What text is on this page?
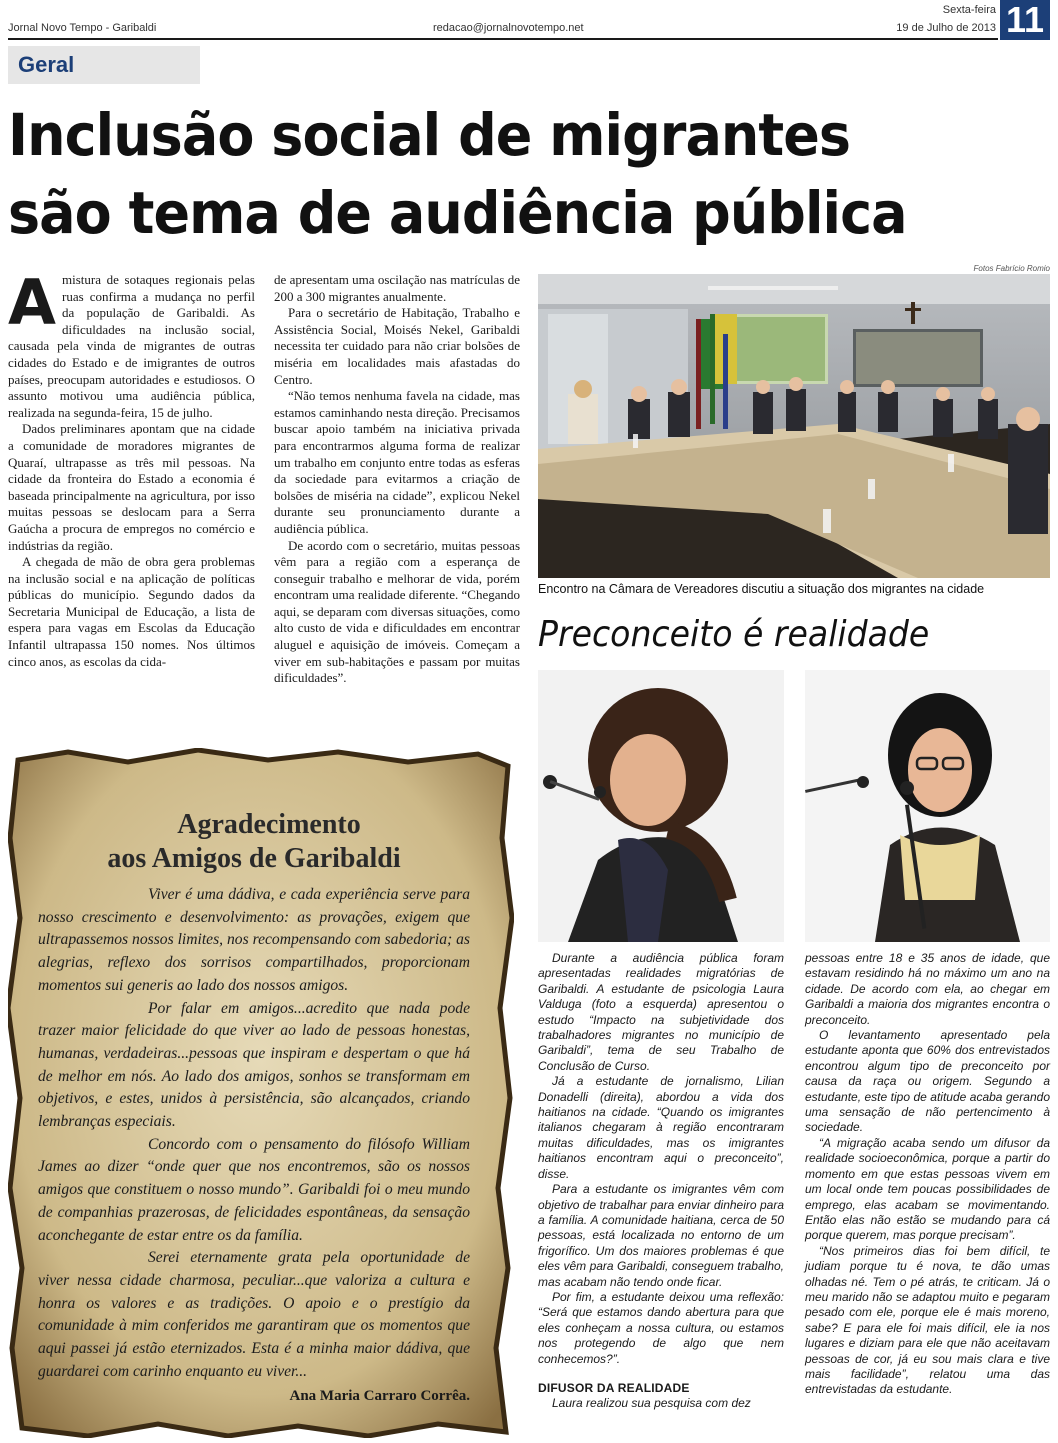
Jornal Novo Tempo - Garibaldi	redacao@jornalnovotempo.net
Sexta-feira
19 de Julho de 2013 11
Geral
Inclusão social de migrantes
são tema de audiência pública

A mistura de sotaques regionais pelas ruas confirma a mudança no perfil da população de Garibaldi. As dificuldades na inclusão social, causada pela vinda de migrantes de outras cidades do Estado e de imigrantes de outros países, preocupam autoridades e estudiosos. O assunto motivou uma audiência pública, realizada na segunda-feira, 15 de julho.

Dados preliminares apontam que na cidade a comunidade de moradores migrantes de Quaraí, ultrapasse as três mil pessoas. Na cidade da fronteira do Estado a economia é baseada principalmente na agricultura, por isso muitas pessoas se deslocam para a Serra Gaúcha a procura de empregos no comércio e indústrias da região.

A chegada de mão de obra gera problemas na inclusão social e na aplicação de políticas públicas do município. Segundo dados da Secretaria Municipal de Educação, a lista de espera para vagas em Escolas da Educação Infantil ultrapassa 150 nomes. Nos últimos cinco anos, as escolas da cida-

de apresentam uma oscilação nas matrículas de 200 a 300 migrantes anualmente.

Para o secretário de Habitação, Trabalho e Assistência Social, Moisés Nekel, Garibaldi necessita ter cuidado para não criar bolsões de miséria em localidades mais afastadas do Centro.

“Não temos nenhuma favela na cidade, mas estamos caminhando nesta direção. Precisamos buscar apoio também na iniciativa privada para encontrarmos alguma forma de realizar um trabalho em conjunto entre todas as esferas da sociedade para evitarmos a criação de bolsões de miséria na cidade”, explicou Nekel durante seu pronunciamento durante a audiência pública.

De acordo com o secretário, muitas pessoas vêm para a região com a esperança de conseguir trabalho e melhorar de vida, porém encontram uma realidade diferente. “Chegando aqui, se deparam com diversas situações, como alto custo de vida e dificuldades em encontrar aluguel e aquisição de imóveis. Começam a viver em sub-habitações e passam por muitas dificuldades”.

Fotos Fabrício Romio
Encontro na Câmara de Vereadores discutiu a situação dos migrantes na cidade
Preconceito é realidade

Durante a audiência pública foram apresentadas realidades migratórias de Garibaldi. A estudante de psicologia Laura Valduga (foto a esquerda) apresentou o estudo “Impacto na subjetividade dos trabalhadores migrantes no município de Garibaldi”, tema de seu Trabalho de Conclusão de Curso.

Já a estudante de jornalismo, Lilian Donadelli (direita), abordou a vida dos haitianos na cidade. “Quando os imigrantes italianos chegaram à região encontraram muitas dificuldades, mas os imigrantes haitianos encontram aqui o preconceito”, disse.

Para a estudante os imigrantes vêm com objetivo de trabalhar para enviar dinheiro para a família. A comunidade haitiana, cerca de 50 pessoas, está localizada no entorno de um frigorífico. Um dos maiores problemas é que eles vêm para Garibaldi, conseguem trabalho, mas acabam não tendo onde ficar.

Por fim, a estudante deixou uma reflexão: “Será que estamos dando abertura para que eles conheçam a nossa cultura, ou estamos nos protegendo de algo que nem conhecemos?”.

DIFUSOR DA REALIDADE

Laura realizou sua pesquisa com dez

pessoas entre 18 e 35 anos de idade, que estavam residindo há no máximo um ano na cidade. De acordo com ela, ao chegar em Garibaldi a maioria dos migrantes encontra o preconceito.

O levantamento apresentado pela estudante aponta que 60% dos entrevistados encontrou algum tipo de preconceito por causa da raça ou origem. Segundo a estudante, este tipo de atitude acaba gerando uma sensação de não pertencimento à sociedade.

“A migração acaba sendo um difusor da realidade socioeconômica, porque a partir do momento em que estas pessoas vivem em um local onde tem poucas possibilidades de emprego, elas acabam se movimentando. Então elas não estão se mudando para cá porque querem, mas porque precisam”.

“Nos primeiros dias foi bem difícil, te judiam porque tu é nova, te dão umas olhadas né. Tem o pé atrás, te criticam. Já o meu marido não se adaptou muito e pegaram pesado com ele, porque ele é mais moreno, sabe? E para ele foi mais difícil, ele ia nos lugares e diziam para ele que não aceitavam pessoas de cor, já eu sou mais clara e tive mais facilidade”, relatou uma das entrevistadas da estudante.

Agradecimento
aos Amigos de Garibaldi

Viver é uma dádiva, e cada experiência serve para nosso crescimento e desenvolvimento: as provações, exigem que ultrapassemos nossos limites, nos recompensando com sabedoria; as alegrias, reflexo dos sorrisos compartilhados, proporcionam momentos sui generis ao lado dos nossos amigos.

Por falar em amigos...acredito que nada pode trazer maior felicidade do que viver ao lado de pessoas honestas, humanas, verdadeiras...pessoas que inspiram e despertam o que há de melhor em nós. Ao lado dos amigos, sonhos se transformam em objetivos, e estes, unidos à persistência, são alcançados, criando lembranças especiais.

Concordo com o pensamento do filósofo William James ao dizer “onde quer que nos encontremos, são os nossos amigos que constituem o nosso mundo”. Garibaldi foi o meu mundo de companhias prazerosas, de felicidades espontâneas, da sensação aconchegante de estar entre os da família.

Serei eternamente grata pela oportunidade de viver nessa cidade charmosa, peculiar...que valoriza a cultura e honra os valores e as tradições. O apoio e o prestígio da comunidade à mim conferidos me garantiram que os momentos que aqui passei já estão eternizados. Esta é a minha maior dádiva, que guardarei com carinho enquanto eu viver...

Ana Maria Carraro Corrêa.
